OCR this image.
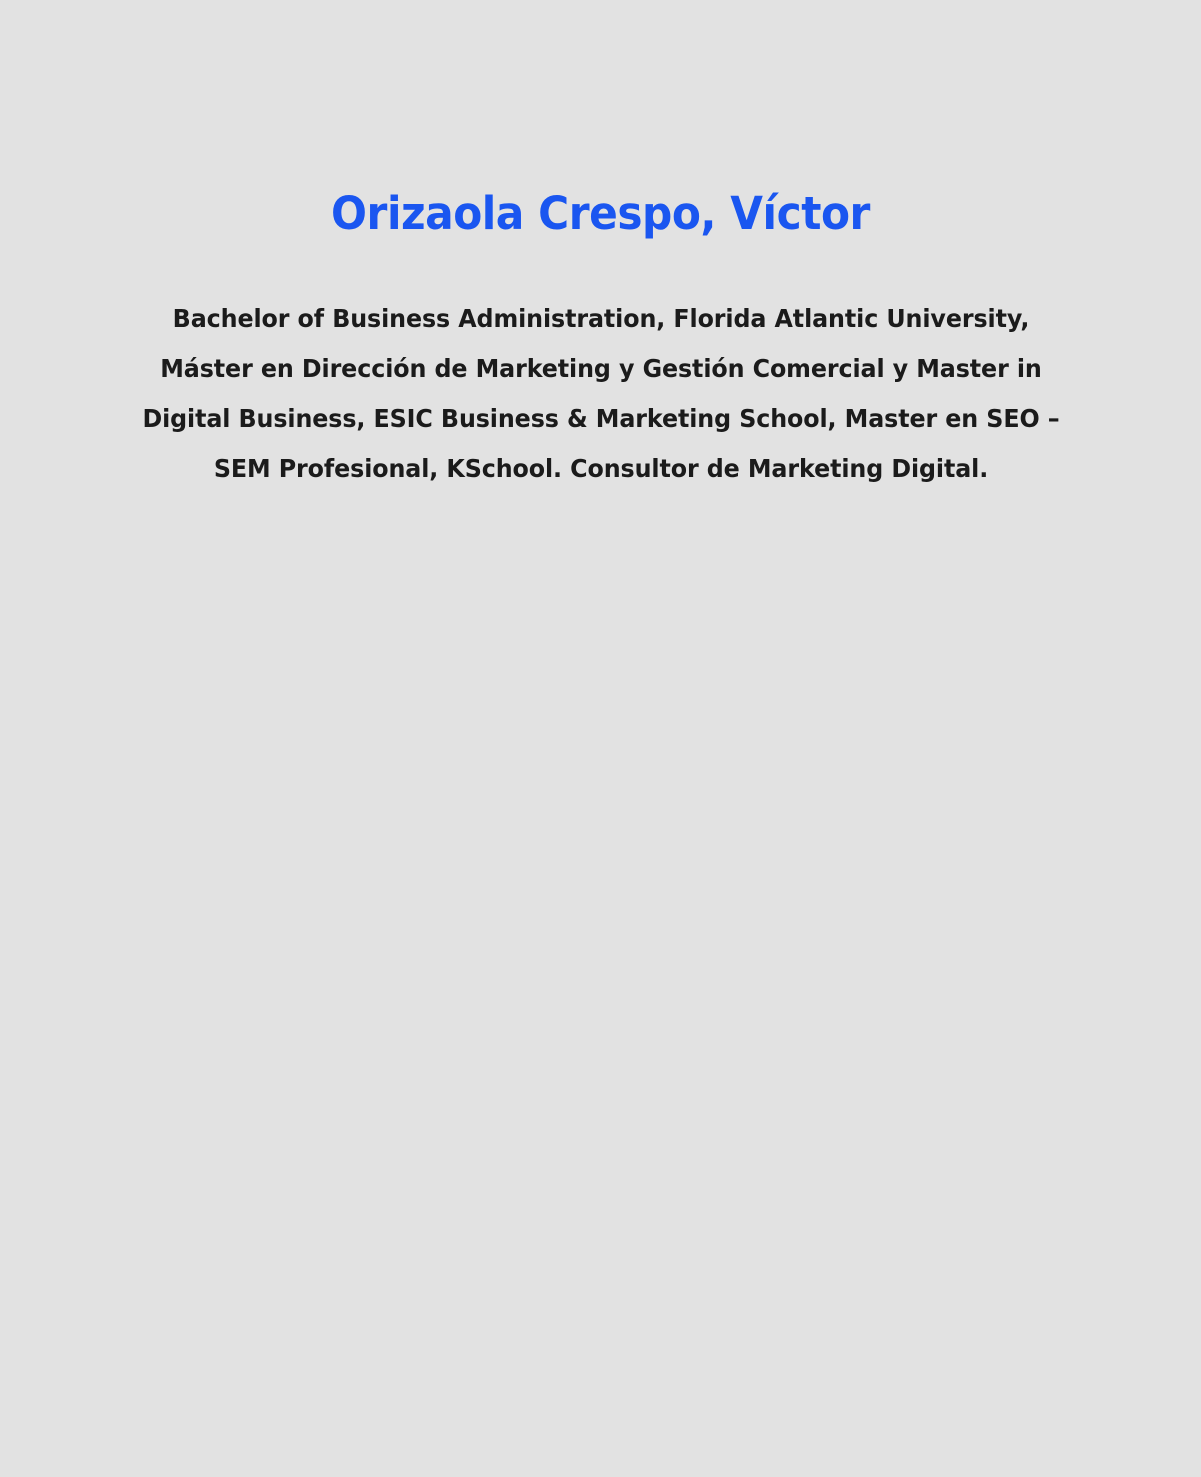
Orizaola Crespo, Víctor

Bachelor of Business Administration, Florida Atlantic University, Máster en Dirección de Marketing y Gestión Comercial y Master in Digital Business, ESIC Business & Marketing School, Master en SEO – SEM Profesional, KSchool. Consultor de Marketing Digital.
